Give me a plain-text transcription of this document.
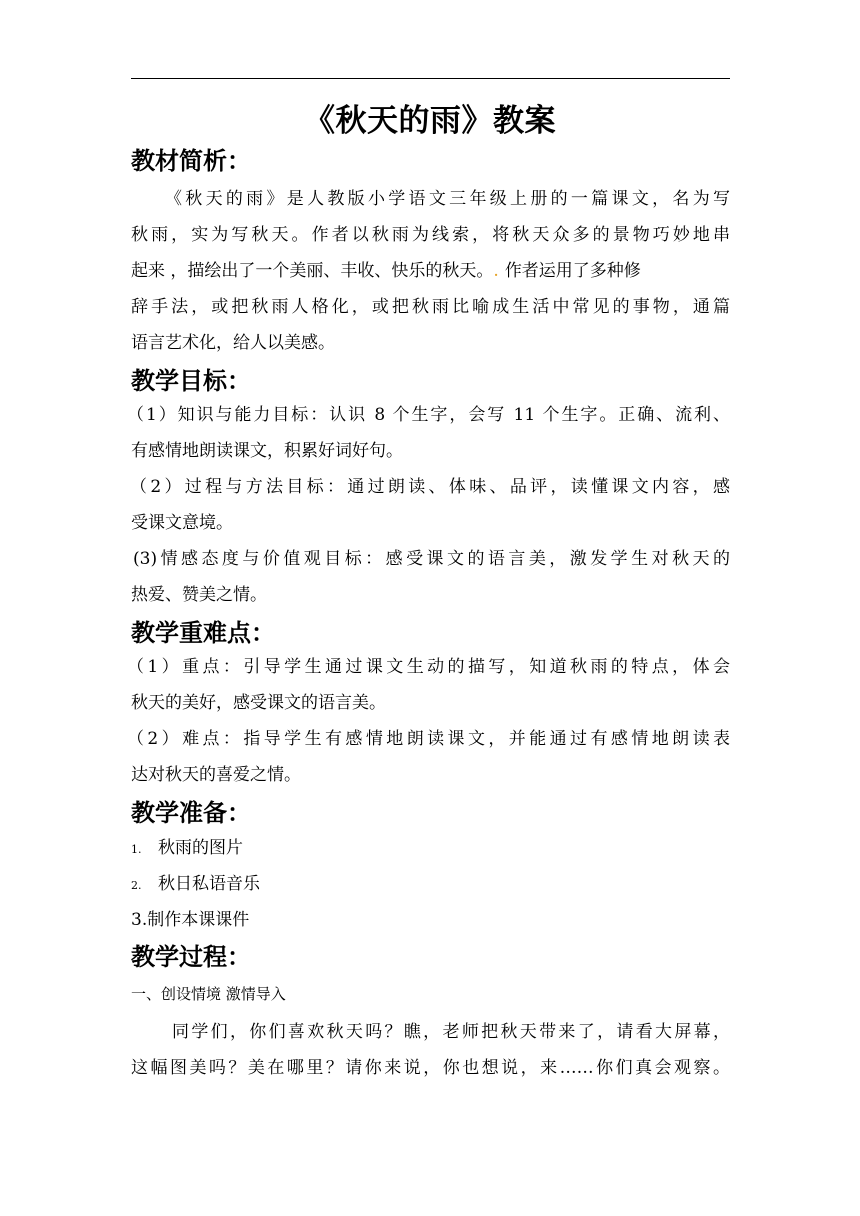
《秋天的雨》教案
教材简析：
《秋天的雨》是人教版小学语文三年级上册的一篇课文，名为写
秋雨，实为写秋天。作者以秋雨为线索，将秋天众多的景物巧妙地串
起来 ，描绘出了一个美丽、丰收、快乐的秋天。. 作者运用了多种修
辞手法，或把秋雨人格化，或把秋雨比喻成生活中常见的事物，通篇
语言艺术化，给人以美感。
教学目标：
（1）知识与能力目标：认识 8 个生字，会写 11 个生字。正确、流利、
有感情地朗读课文，积累好词好句。
（2）过程与方法目标：通过朗读、体味、品评，读懂课文内容，感
受课文意境。
(3)情感态度与价值观目标：感受课文的语言美，激发学生对秋天的
热爱、赞美之情。
教学重难点：
（1）重点：引导学生通过课文生动的描写，知道秋雨的特点，体会
秋天的美好，感受课文的语言美。
（2）难点：指导学生有感情地朗读课文，并能通过有感情地朗读表
达对秋天的喜爱之情。
教学准备：
1. 秋雨的图片
2. 秋日私语音乐
3.制作本课课件
教学过程：
一、创设情境 激情导入
同学们，你们喜欢秋天吗？瞧，老师把秋天带来了，请看大屏幕，
这幅图美吗？美在哪里？请你来说，你也想说，来……你们真会观察。
